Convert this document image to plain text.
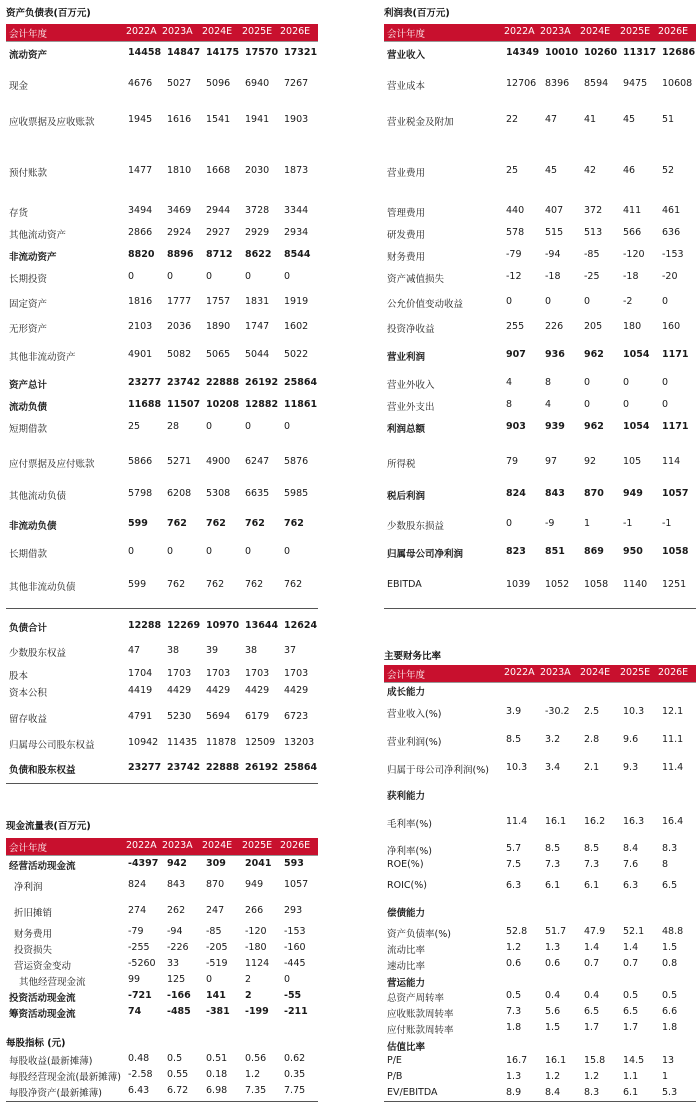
资产负债表(百万元)
会计年度	2022A 2023A 2024E	2025E 2026E
流动资产	14458 14847 14175 17570 17321
现金	4676	5027	5096	6940	7267
应收票据及应收账款	1945	1616	1541	1941	1903
预付账款	1477	1810	1668	2030	1873
存货	3494	3469	2944	3728	3344
其他流动资产	2866	2924	2927	2929	2934
非流动资产	8820	8896	8712	8622	8544
长期投资	0	0	0	0	0
固定资产	1816	1777	1757	1831	1919
无形资产	2103	2036	1890	1747	1602
其他非流动资产	4901	5082	5065	5044	5022
资产总计	23277 23742 22888 26192 25864
流动负债	11688 11507 10208 12882 11861
短期借款	25	28	0	0	0
应付票据及应付账款	5866	5271	4900	6247	5876
其他流动负债	5798	6208	5308	6635	5985
非流动负债	599	762	762	762	762
长期借款	0	0	0	0	0
其他非流动负债	599	762	762	762	762
负债合计	12288 12269 10970 13644 12624
少数股东权益	47	38	39	38	37
股本	1704	1703	1703	1703	1703
资本公积	4419	4429	4429	4429	4429
留存收益	4791	5230	5694	6179	6723
归属母公司股东权益	10942 11435 11878 12509 13203
负债和股东权益	23277 23742 22888 26192 25864
利润表(百万元)
会计年度	2022A 2023A 2024E	2025E 2026E
营业收入	14349 10010 10260 11317 12686
营业成本	12706 8396	8594	9475	10608
营业税金及附加	22	47	41	45	51
营业费用	25	45	42	46	52
管理费用	440	407	372	411	461
研发费用	578	515	513	566	636
财务费用	-79	-94	-85	-120	-153
资产减值损失	-12	-18	-25	-18	-20
公允价值变动收益	0	0	0	-2	0
投资净收益	255	226	205	180	160
营业利润	907	936	962	1054	1171
营业外收入	4	8	0	0	0
营业外支出	8	4	0	0	0
利润总额	903	939	962	1054	1171
所得税	79	97	92	105	114
税后利润	824	843	870	949	1057
少数股东损益	0	-9	1	-1	-1
归属母公司净利润	823	851	869	950	1058
EBITDA	1039	1052	1058	1140	1251
主要财务比率
会计年度	2022A 2023A 2024E	2025E 2026E
成长能力
营业收入(%)	3.9	-30.2	2.5	10.3	12.1
营业利润(%)	8.5	3.2	2.8	9.6	11.1
归属于母公司净利润(%) 10.3	3.4	2.1	9.3	11.4
获利能力
毛利率(%)	11.4	16.1	16.2	16.3	16.4
净利率(%)	5.7	8.5	8.5	8.4	8.3
ROE(%)	7.5	7.3	7.3	7.6	8
ROIC(%)	6.3	6.1	6.1	6.3	6.5
偿债能力
资产负债率(%)	52.8	51.7	47.9	52.1	48.8
流动比率	1.2	1.3	1.4	1.4	1.5
速动比率	0.6	0.6	0.7	0.7	0.8
营运能力
总资产周转率	0.5	0.4	0.4	0.5	0.5
应收账款周转率	7.3	5.6	6.5	6.5	6.6
应付账款周转率	1.8	1.5	1.7	1.7	1.8
估值比率
P/E	16.7	16.1	15.8	14.5	13
P/B	1.3	1.2	1.2	1.1	1
EV/EBITDA	8.9	8.4	8.3	6.1	5.3
现金流量表(百万元)
会计年度	2022A 2023A 2024E	2025E 2026E
经营活动现金流	-4397 942	309	2041	593
净利润	824	843	870	949	1057
折旧摊销	274	262	247	266	293
财务费用	-79	-94	-85	-120	-153
投资损失	-255	-226	-205	-180	-160
营运资金变动	-5260	33	-519	1124	-445
其他经营现金流	99	125	0	2	0
投资活动现金流	-721	-166	141	2	-55
筹资活动现金流	74	-485	-381	-199	-211
每股指标 (元)
每股收益(最新摊薄)	0.48	0.5	0.51	0.56	0.62
每股经营现金流(最新摊薄) -2.58	0.55	0.18	1.2	0.35
每股净资产(最新摊薄)	6.43	6.72	6.98	7.35	7.75
